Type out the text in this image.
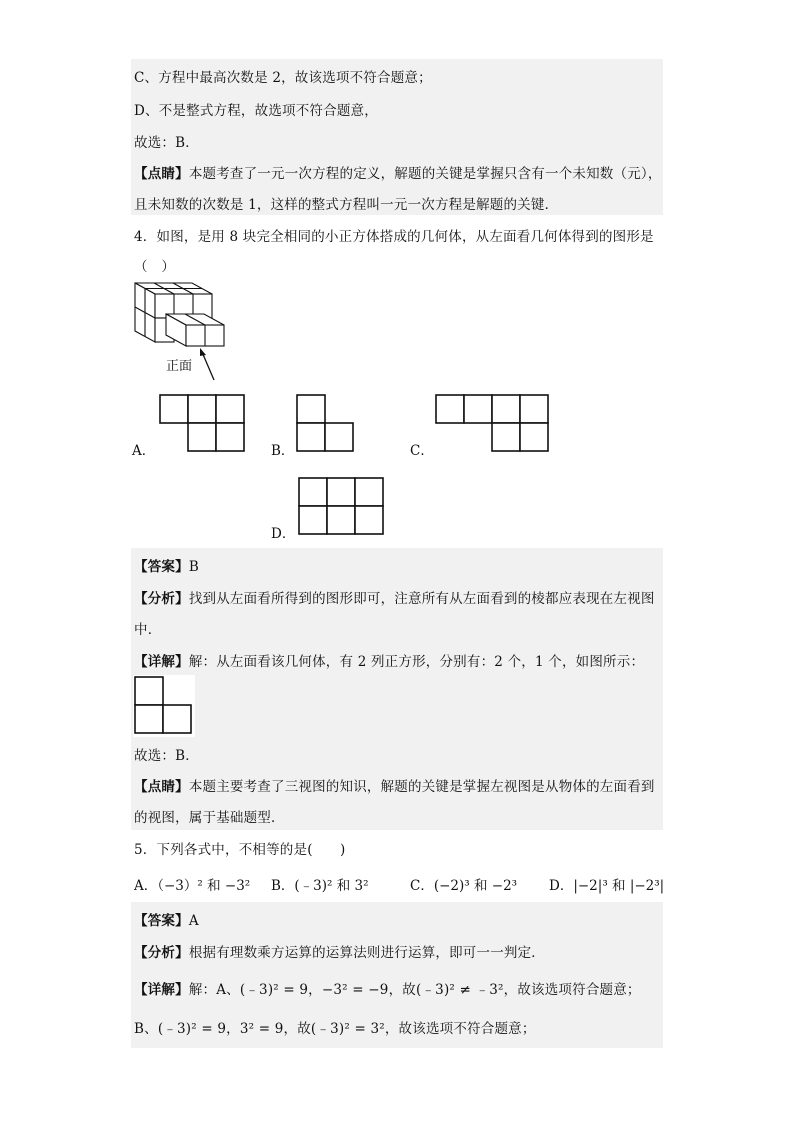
C、方程中最高次数是 2，故该选项不符合题意；
D、不是整式方程，故选项不符合题意，
故选：B．
【点睛】本题考查了一元一次方程的定义，解题的关键是掌握只含有一个未知数（元），
且未知数的次数是 1，这样的整式方程叫一元一次方程是解题的关键．
4．如图，是用 8 块完全相同的小正方体搭成的几何体，从左面看几何体得到的图形是
（　）
正面
A．	B．	C．
D．
【答案】B
【分析】找到从左面看所得到的图形即可，注意所有从左面看到的棱都应表现在左视图
中．
【详解】解：从左面看该几何体，有 2 列正方形，分别有：2 个，1 个，如图所示：
故选：B．
【点睛】本题主要考查了三视图的知识，解题的关键是掌握左视图是从物体的左面看到
的视图，属于基础题型．
5．下列各式中，不相等的是(　　)
A．（−3）² 和 −3² B．(﹣3)² 和 3²	C．(−2)³ 和 −2³ D．|−2|³ 和 |−2³|
【答案】A
【分析】根据有理数乘方运算的运算法则进行运算，即可一一判定．
【详解】解：A、(﹣3)² = 9，−3² = −9，故(﹣3)² ≠ ﹣3²，故该选项符合题意；
B、(﹣3)² = 9，3² = 9，故(﹣3)² = 3²，故该选项不符合题意；
